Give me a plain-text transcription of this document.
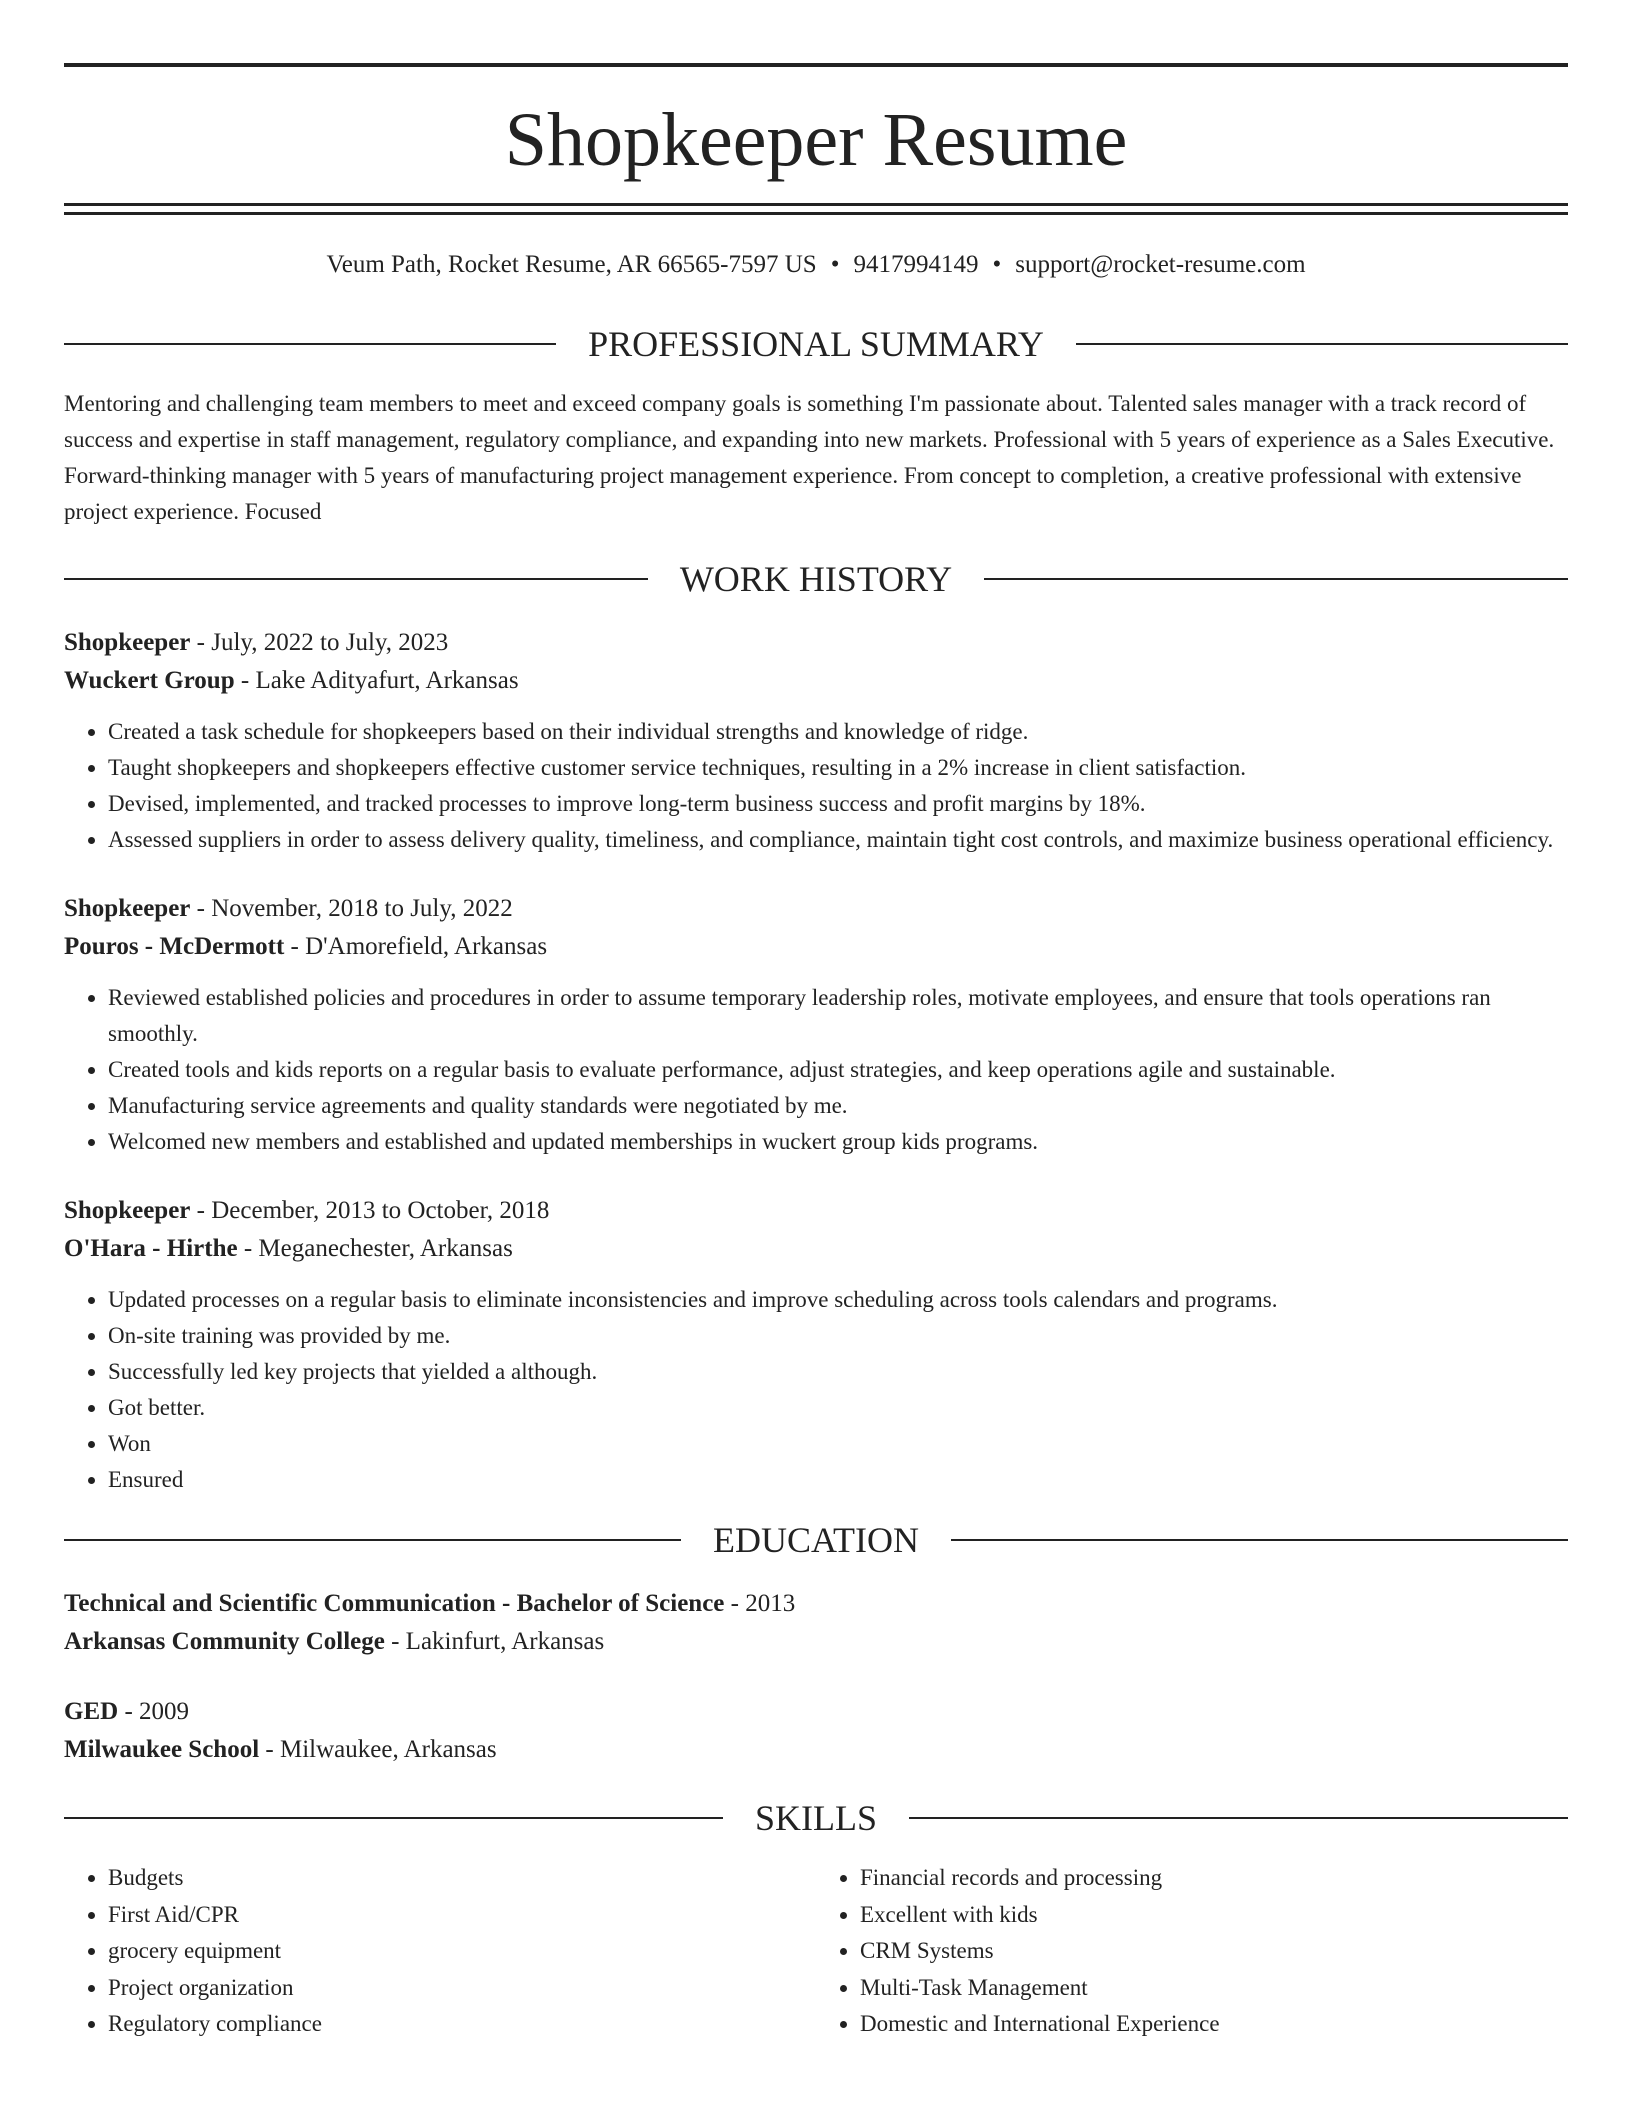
Shopkeeper Resume
Veum Path, Rocket Resume, AR 66565-7597 US • 9417994149 • support@rocket-resume.com
PROFESSIONAL SUMMARY

Mentoring and challenging team members to meet and exceed company goals is something I'm passionate about. Talented sales manager with a track record of success and expertise in staff management, regulatory compliance, and expanding into new markets. Professional with 5 years of experience as a Sales Executive. Forward-thinking manager with 5 years of manufacturing project management experience. From concept to completion, a creative professional with extensive project experience. Focused

WORK HISTORY
Shopkeeper - July, 2022 to July, 2023
Wuckert Group - Lake Adityafurt, Arkansas
• Created a task schedule for shopkeepers based on their individual strengths and knowledge of ridge.
• Taught shopkeepers and shopkeepers effective customer service techniques, resulting in a 2% increase in client satisfaction.
• Devised, implemented, and tracked processes to improve long-term business success and profit margins by 18%.
• Assessed suppliers in order to assess delivery quality, timeliness, and compliance, maintain tight cost controls, and maximize business operational efficiency.
Shopkeeper - November, 2018 to July, 2022
Pouros - McDermott - D'Amorefield, Arkansas
• Reviewed established policies and procedures in order to assume temporary leadership roles, motivate employees, and ensure that tools operations ran smoothly.
• Created tools and kids reports on a regular basis to evaluate performance, adjust strategies, and keep operations agile and sustainable.
• Manufacturing service agreements and quality standards were negotiated by me.
• Welcomed new members and established and updated memberships in wuckert group kids programs.
Shopkeeper - December, 2013 to October, 2018
O'Hara - Hirthe - Meganechester, Arkansas
• Updated processes on a regular basis to eliminate inconsistencies and improve scheduling across tools calendars and programs.
• On-site training was provided by me.
• Successfully led key projects that yielded a although.
• Got better.
• Won
• Ensured
EDUCATION
Technical and Scientific Communication - Bachelor of Science - 2013
Arkansas Community College - Lakinfurt, Arkansas
GED - 2009
Milwaukee School - Milwaukee, Arkansas
SKILLS
• Budgets
• First Aid/CPR
• grocery equipment
• Project organization
• Regulatory compliance
• Financial records and processing
• Excellent with kids
• CRM Systems
• Multi-Task Management
• Domestic and International Experience
